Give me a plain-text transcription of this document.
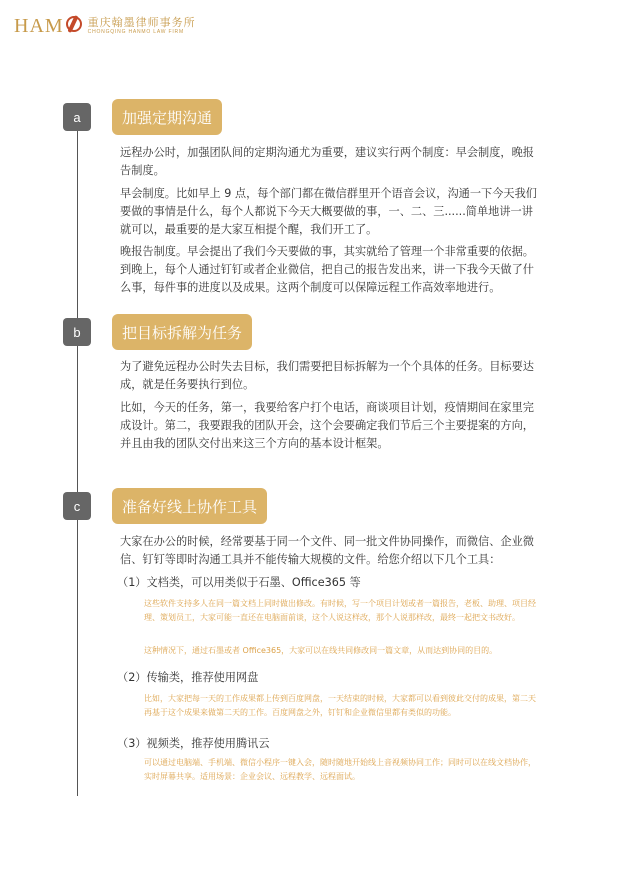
HAM 重庆翰墨律师事务所
CHONGQING HANMO LAW FIRM
a	加强定期沟通

远程办公时，加强团队间的定期沟通尤为重要，建议实行两个制度：早会制度，晚报告制度。

早会制度。比如早上 9 点，每个部门都在微信群里开个语音会议，沟通一下今天我们要做的事情是什么，每个人都说下今天大概要做的事，一、二、三......简单地讲一讲就可以，最重要的是大家互相提个醒，我们开工了。

晚报告制度。早会提出了我们今天要做的事，其实就给了管理一个非常重要的依据。到晚上，每个人通过钉钉或者企业微信，把自己的报告发出来，讲一下我今天做了什么事，每件事的进度以及成果。这两个制度可以保障远程工作高效率地进行。

b	把目标拆解为任务

为了避免远程办公时失去目标，我们需要把目标拆解为一个个具体的任务。目标要达成，就是任务要执行到位。

比如，今天的任务，第一，我要给客户打个电话，商谈项目计划，疫情期间在家里完成设计。第二，我要跟我的团队开会，这个会要确定我们节后三个主要提案的方向，并且由我的团队交付出来这三个方向的基本设计框架。

c	准备好线上协作工具

大家在办公的时候，经常要基于同一个文件、同一批文件协同操作，而微信、企业微信、钉钉等即时沟通工具并不能传输大规模的文件。给您介绍以下几个工具：

（1）文档类，可以用类似于石墨、Office365 等

这些软件支持多人在同一篇文档上同时做出修改。有时候，写一个项目计划或者一篇报告，老板、助理、项目经理、策划员工，大家可能一直还在电脑面前谈，这个人说这样改，那个人说那样改，最终一起把文书改好。

这种情况下，通过石墨或者 Office365，大家可以在线共同修改同一篇文章，从而达到协同的目的。

（2）传输类，推荐使用网盘

比如，大家把每一天的工作成果都上传到百度网盘，一天结束的时候，大家都可以看到彼此交付的成果，第二天再基于这个成果来做第二天的工作。百度网盘之外，钉钉和企业微信里都有类似的功能。

（3）视频类，推荐使用腾讯云

可以通过电脑端、手机端、微信小程序一键入会，随时随地开始线上音视频协同工作；同时可以在线文档协作，实时屏幕共享。适用场景：企业会议、远程教学、远程面试。
